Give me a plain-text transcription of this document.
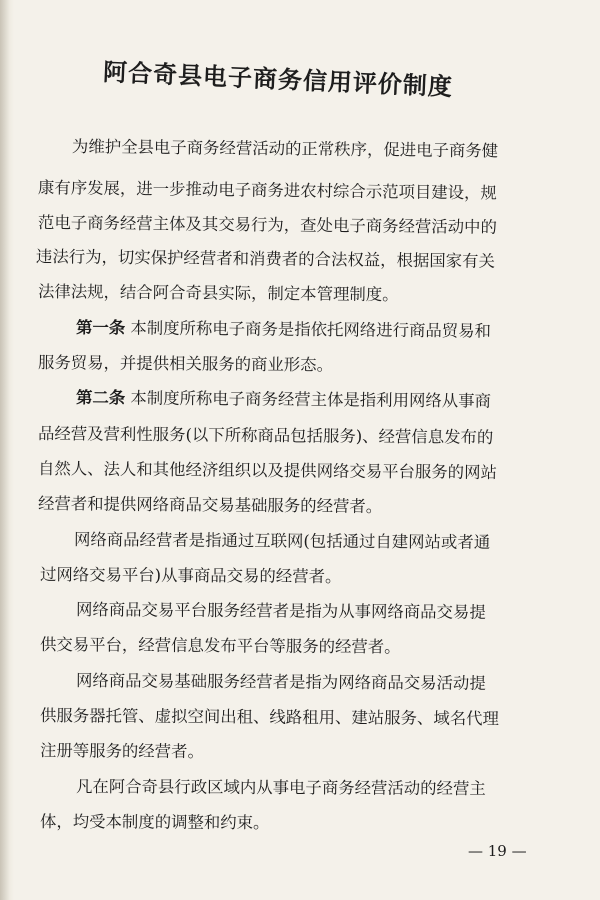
阿合奇县电子商务信用评价制度

为维护全县电子商务经营活动的正常秩序，促进电子商务健

康有序发展，进一步推动电子商务进农村综合示范项目建设，规

范电子商务经营主体及其交易行为，查处电子商务经营活动中的

违法行为，切实保护经营者和消费者的合法权益，根据国家有关

法律法规，结合阿合奇县实际，制定本管理制度。

第一条 本制度所称电子商务是指依托网络进行商品贸易和

服务贸易，并提供相关服务的商业形态。

第二条 本制度所称电子商务经营主体是指利用网络从事商

品经营及营利性服务(以下所称商品包括服务)、经营信息发布的

自然人、法人和其他经济组织以及提供网络交易平台服务的网站

经营者和提供网络商品交易基础服务的经营者。

网络商品经营者是指通过互联网(包括通过自建网站或者通

过网络交易平台)从事商品交易的经营者。

网络商品交易平台服务经营者是指为从事网络商品交易提

供交易平台，经营信息发布平台等服务的经营者。

网络商品交易基础服务经营者是指为网络商品交易活动提

供服务器托管、虚拟空间出租、线路租用、建站服务、域名代理

注册等服务的经营者。

凡在阿合奇县行政区域内从事电子商务经营活动的经营主

体，均受本制度的调整和约束。

— 19 —
